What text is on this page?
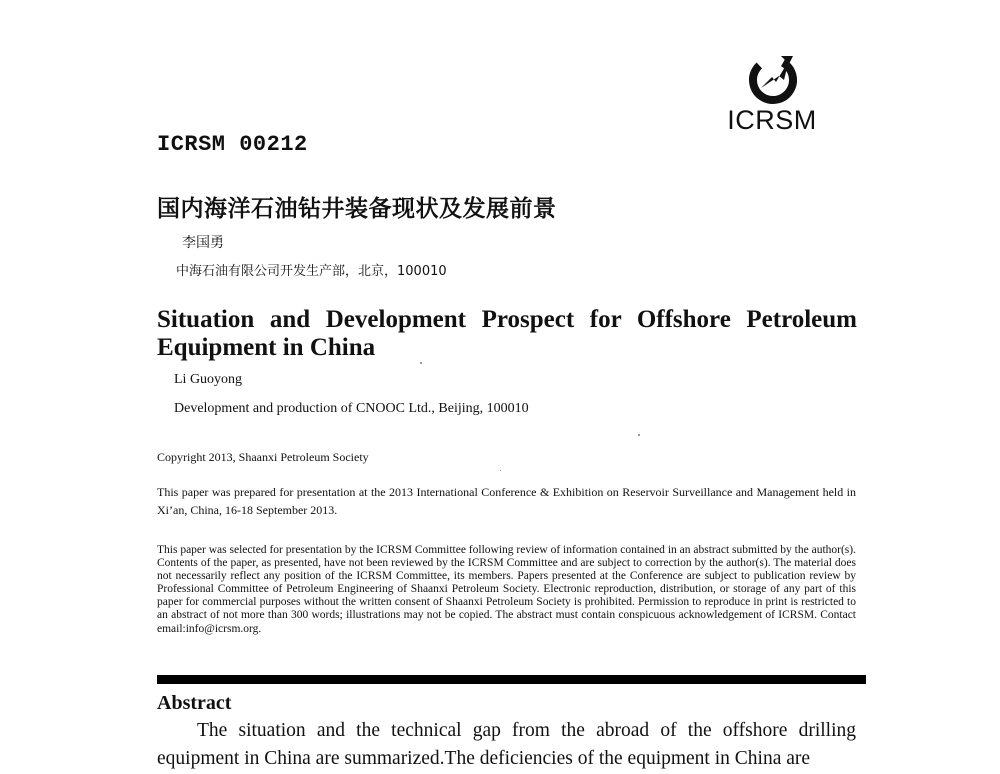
ICRSM
ICRSM 00212
国内海洋石油钻井装备现状及发展前景
李国勇
中海石油有限公司开发生产部，北京，100010
Situation and Development Prospect for Offshore Petroleum Equipment in China
Li Guoyong
Development and production of CNOOC Ltd., Beijing, 100010
Copyright 2013, Shaanxi Petroleum Society
This paper was prepared for presentation at the 2013 International Conference & Exhibition on Reservoir Surveillance and Management held in Xi’an, China, 16-18 September 2013.
This paper was selected for presentation by the ICRSM Committee following review of information contained in an abstract submitted by the author(s). Contents of the paper, as presented, have not been reviewed by the ICRSM Committee and are subject to correction by the author(s). The material does not necessarily reflect any position of the ICRSM Committee, its members. Papers presented at the Conference are subject to publication review by Professional Committee of Petroleum Engineering of Shaanxi Petroleum Society. Electronic reproduction, distribution, or storage of any part of this paper for commercial purposes without the written consent of Shaanxi Petroleum Society is prohibited. Permission to reproduce in print is restricted to an abstract of not more than 300 words; illustrations may not be copied. The abstract must contain conspicuous acknowledgement of ICRSM. Contact email:info@icrsm.org.
Abstract
The situation and the technical gap from the abroad of the offshore drilling equipment in China are summarized.The deficiencies of the equipment in China are
